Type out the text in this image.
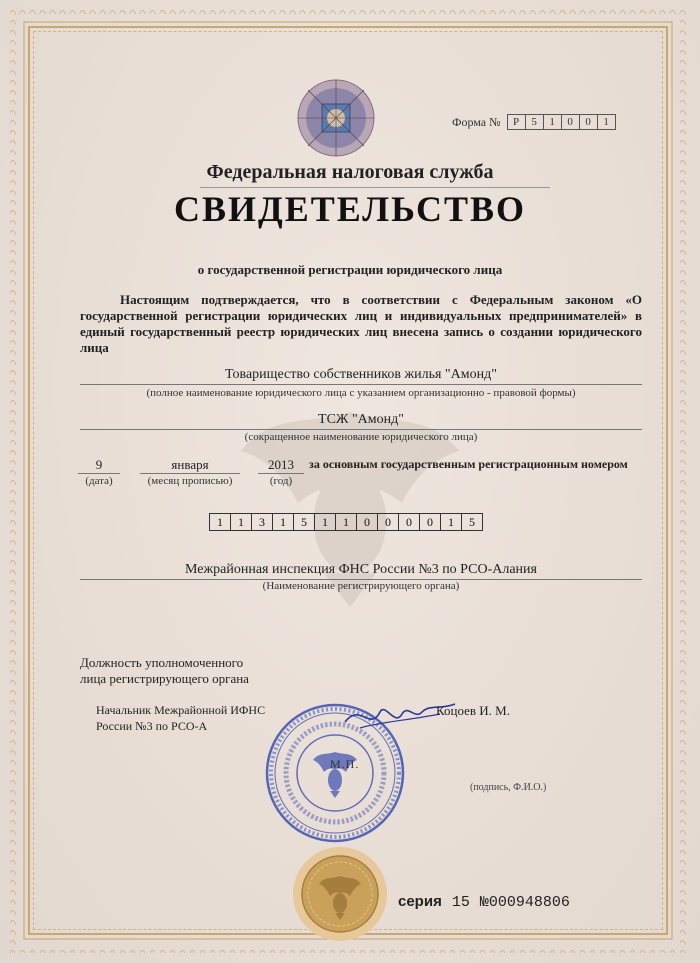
Форма №	Р	5	1	0	0	1
Федеральная налоговая служба
СВИДЕТЕЛЬСТВО
о государственной регистрации юридического лица
Настоящим подтверждается, что в соответствии с Федеральным законом «О государственной регистрации юридических лиц и индивидуальных предпринимателей» в единый государственный реестр юридических лиц внесена запись о создании юридического лица
Товарищество собственников жилья "Амонд"
(полное наименование юридического лица с указанием организационно - правовой формы)
ТСЖ "Амонд"
(сокращенное наименование юридического лица)
9
(дата)
января
(месяц прописью)
2013
(год)
за основным государственным регистрационным номером
1	1	3	1	5	1	1	0	0	0	0	1	5
Межрайонная инспекция ФНС России №3 по РСО-Алания
(Наименование регистрирующего органа)
Должность уполномоченного
лица регистрирующего органа
Начальник Межрайонной ИФНС
России №3 по РСО-А
М.П.
Коцоев И. М.
(подпись, Ф.И.О.)
серия 15 №000948806
